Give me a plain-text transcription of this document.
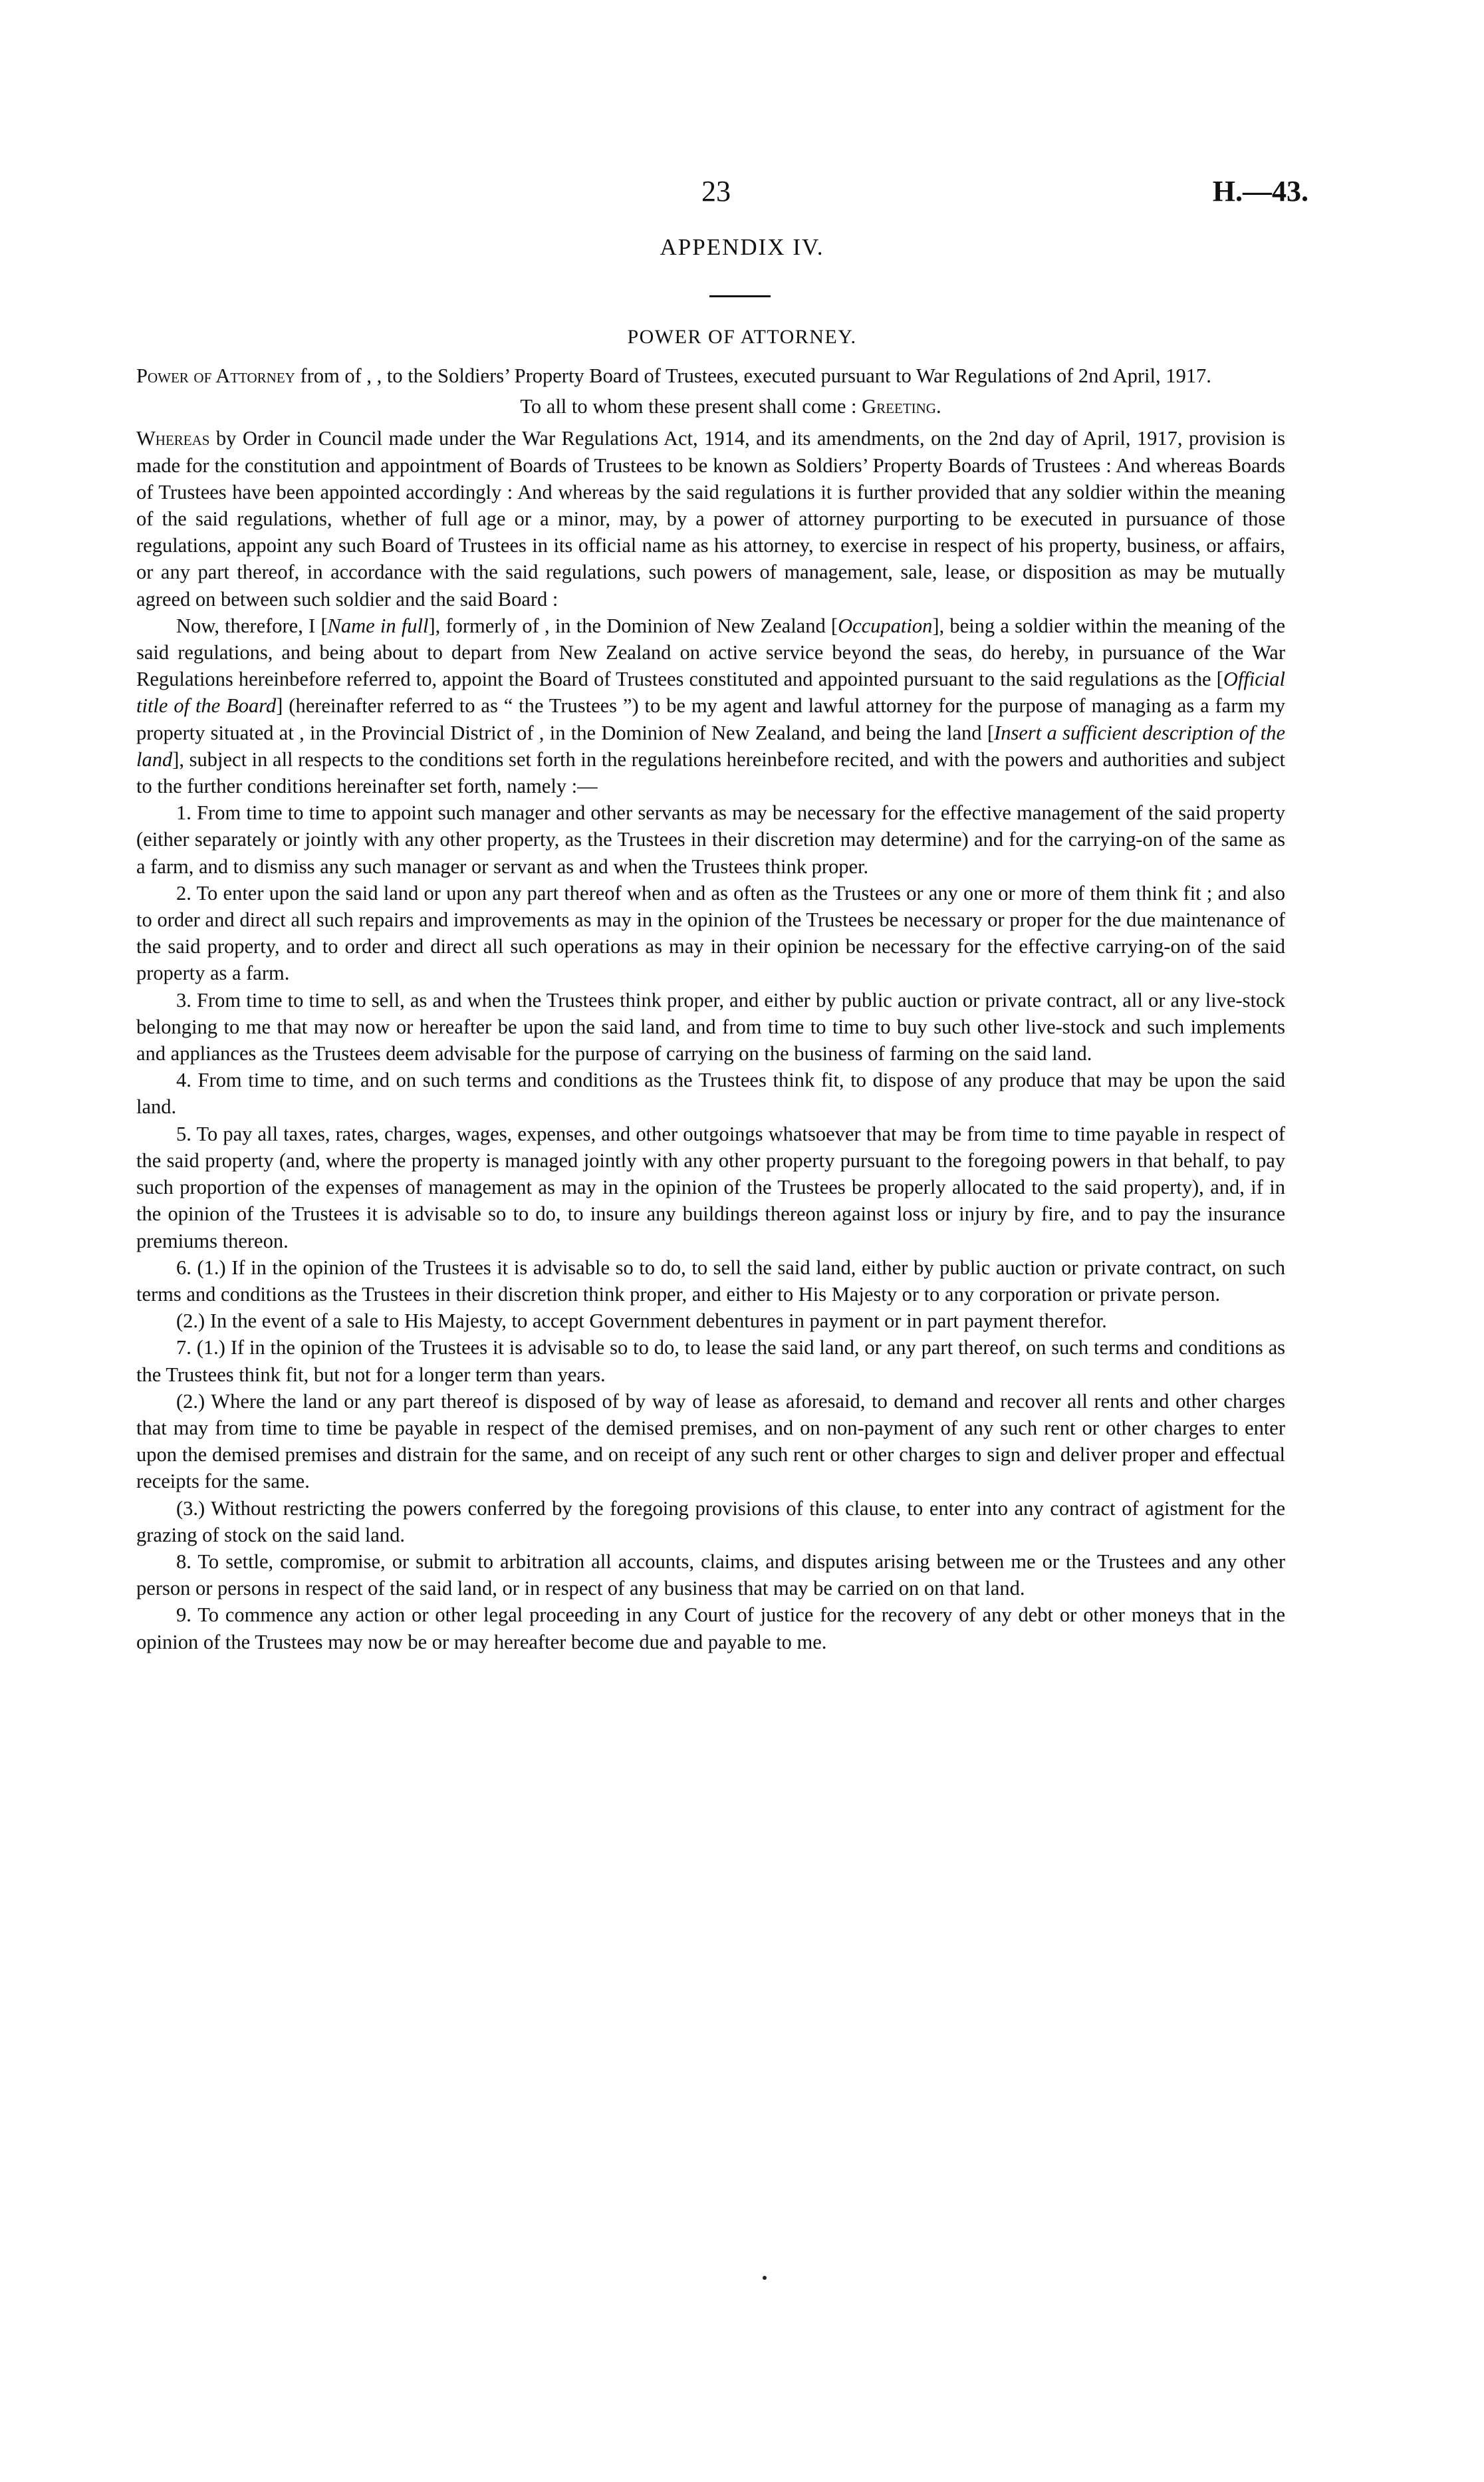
23	H.—43.
APPENDIX IV.
POWER OF ATTORNEY.

Power of Attorney from of , , to the Soldiers’ Property Board of Trustees, executed pursuant to War Regulations of 2nd April, 1917.

To all to whom these present shall come : Greeting.

Whereas by Order in Council made under the War Regulations Act, 1914, and its amendments, on the 2nd day of April, 1917, provision is made for the constitution and appointment of Boards of Trustees to be known as Soldiers’ Property Boards of Trustees : And whereas Boards of Trustees have been appointed accordingly : And whereas by the said regulations it is further provided that any soldier within the meaning of the said regulations, whether of full age or a minor, may, by a power of attorney purporting to be executed in pursuance of those regulations, appoint any such Board of Trustees in its official name as his attorney, to exercise in respect of his property, business, or affairs, or any part thereof, in accordance with the said regulations, such powers of management, sale, lease, or disposition as may be mutually agreed on between such soldier and the said Board :

Now, therefore, I [Name in full], formerly of , in the Dominion of New Zealand [Occupation], being a soldier within the meaning of the said regulations, and being about to depart from New Zealand on active service beyond the seas, do hereby, in pursuance of the War Regulations hereinbefore referred to, appoint the Board of Trustees constituted and appointed pursuant to the said regulations as the [Official title of the Board] (hereinafter referred to as “ the Trustees ”) to be my agent and lawful attorney for the purpose of managing as a farm my property situated at , in the Provincial District of , in the Dominion of New Zealand, and being the land [Insert a sufficient description of the land], subject in all respects to the conditions set forth in the regulations hereinbefore recited, and with the powers and authorities and subject to the further conditions hereinafter set forth, namely :—

1. From time to time to appoint such manager and other servants as may be necessary for the effective management of the said property (either separately or jointly with any other property, as the Trustees in their discretion may determine) and for the carrying-on of the same as a farm, and to dismiss any such manager or servant as and when the Trustees think proper.

2. To enter upon the said land or upon any part thereof when and as often as the Trustees or any one or more of them think fit ; and also to order and direct all such repairs and improvements as may in the opinion of the Trustees be necessary or proper for the due maintenance of the said property, and to order and direct all such operations as may in their opinion be necessary for the effective carrying-on of the said property as a farm.

3. From time to time to sell, as and when the Trustees think proper, and either by public auction or private contract, all or any live-stock belonging to me that may now or hereafter be upon the said land, and from time to time to buy such other live-stock and such implements and appliances as the Trustees deem advisable for the purpose of carrying on the business of farming on the said land.

4. From time to time, and on such terms and conditions as the Trustees think fit, to dispose of any produce that may be upon the said land.

5. To pay all taxes, rates, charges, wages, expenses, and other outgoings whatsoever that may be from time to time payable in respect of the said property (and, where the property is managed jointly with any other property pursuant to the foregoing powers in that behalf, to pay such proportion of the expenses of management as may in the opinion of the Trustees be properly allocated to the said property), and, if in the opinion of the Trustees it is advisable so to do, to insure any buildings thereon against loss or injury by fire, and to pay the insurance premiums thereon.

6. (1.) If in the opinion of the Trustees it is advisable so to do, to sell the said land, either by public auction or private contract, on such terms and conditions as the Trustees in their discretion think proper, and either to His Majesty or to any corporation or private person.

(2.) In the event of a sale to His Majesty, to accept Government debentures in payment or in part payment therefor.

7. (1.) If in the opinion of the Trustees it is advisable so to do, to lease the said land, or any part thereof, on such terms and conditions as the Trustees think fit, but not for a longer term than years.

(2.) Where the land or any part thereof is disposed of by way of lease as aforesaid, to demand and recover all rents and other charges that may from time to time be payable in respect of the demised premises, and on non-payment of any such rent or other charges to enter upon the demised premises and distrain for the same, and on receipt of any such rent or other charges to sign and deliver proper and effectual receipts for the same.

(3.) Without restricting the powers conferred by the foregoing provisions of this clause, to enter into any contract of agistment for the grazing of stock on the said land.

8. To settle, compromise, or submit to arbitration all accounts, claims, and disputes arising between me or the Trustees and any other person or persons in respect of the said land, or in respect of any business that may be carried on on that land.

9. To commence any action or other legal proceeding in any Court of justice for the recovery of any debt or other moneys that in the opinion of the Trustees may now be or may hereafter become due and payable to me.
